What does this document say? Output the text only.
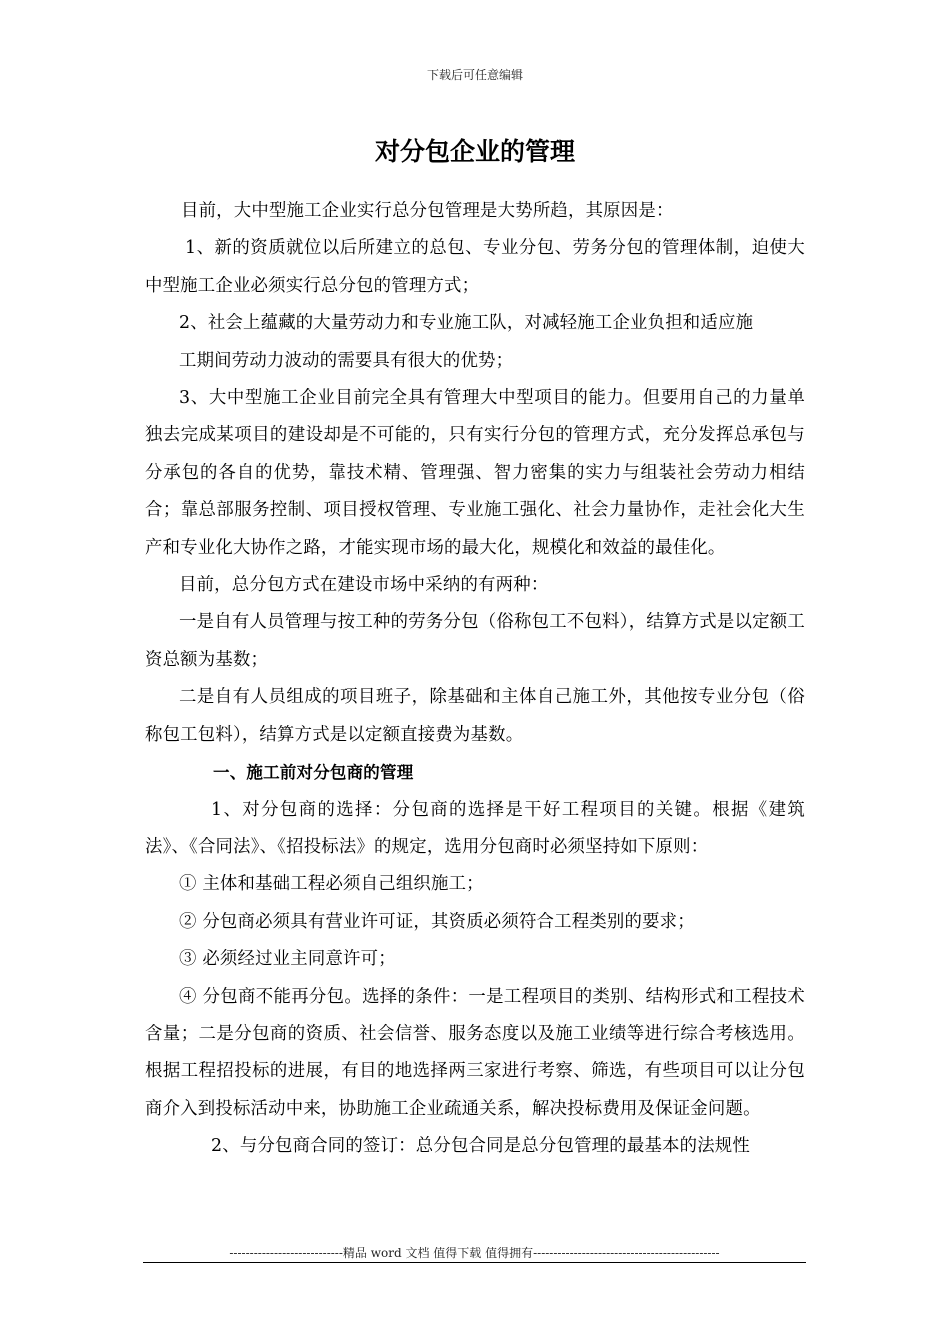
下载后可任意编辑
对分包企业的管理

目前，大中型施工企业实行总分包管理是大势所趋，其原因是：

1、新的资质就位以后所建立的总包、专业分包、劳务分包的管理体制，迫使大中型施工企业必须实行总分包的管理方式；

2、社会上蕴藏的大量劳动力和专业施工队，对减轻施工企业负担和适应施

工期间劳动力波动的需要具有很大的优势；

3、大中型施工企业目前完全具有管理大中型项目的能力。但要用自己的力量单独去完成某项目的建设却是不可能的，只有实行分包的管理方式，充分发挥总承包与分承包的各自的优势，靠技术精、管理强、智力密集的实力与组装社会劳动力相结合；靠总部服务控制、项目授权管理、专业施工强化、社会力量协作，走社会化大生产和专业化大协作之路，才能实现市场的最大化，规模化和效益的最佳化。

目前，总分包方式在建设市场中采纳的有两种：

一是自有人员管理与按工种的劳务分包（俗称包工不包料），结算方式是以定额工资总额为基数；

二是自有人员组成的项目班子，除基础和主体自己施工外，其他按专业分包（俗称包工包料），结算方式是以定额直接费为基数。

一、施工前对分包商的管理

1、对分包商的选择：分包商的选择是干好工程项目的关键。根据《建筑法》、《合同法》、《招投标法》的规定，选用分包商时必须坚持如下原则：

① 主体和基础工程必须自己组织施工；

② 分包商必须具有营业许可证，其资质必须符合工程类别的要求；

③ 必须经过业主同意许可；

④ 分包商不能再分包。选择的条件：一是工程项目的类别、结构形式和工程技术含量；二是分包商的资质、社会信誉、服务态度以及施工业绩等进行综合考核选用。根据工程招投标的进展，有目的地选择两三家进行考察、筛选，有些项目可以让分包商介入到投标活动中来，协助施工企业疏通关系，解决投标费用及保证金问题。

2、与分包商合同的签订：总分包合同是总分包管理的最基本的法规性

----------------------------精品 word 文档 值得下载 值得拥有----------------------------------------------
